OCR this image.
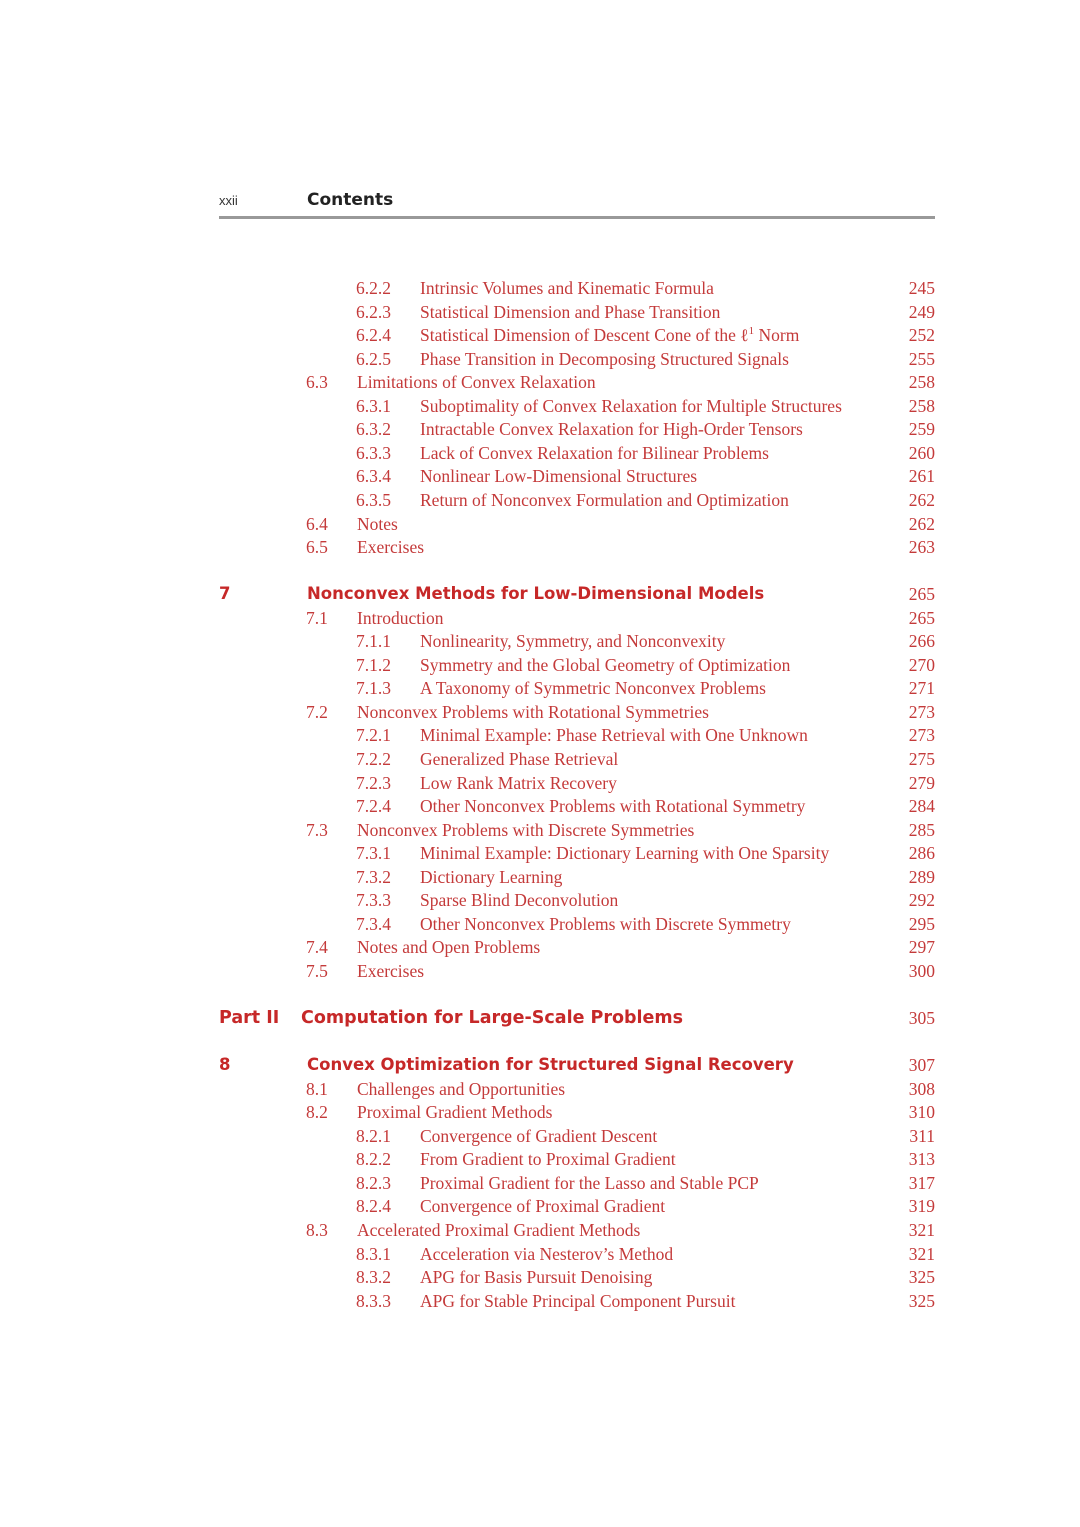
xxii	Contents
6.2.2 Intrinsic Volumes and Kinematic Formula	245
6.2.3 Statistical Dimension and Phase Transition	249
6.2.4 Statistical Dimension of Descent Cone of the ℓ$^1$ Norm	252
6.2.5 Phase Transition in Decomposing Structured Signals	255
6.3 Limitations of Convex Relaxation	258
6.3.1 Suboptimality of Convex Relaxation for Multiple Structures	258
6.3.2 Intractable Convex Relaxation for High-Order Tensors	259
6.3.3 Lack of Convex Relaxation for Bilinear Problems	260
6.3.4 Nonlinear Low-Dimensional Structures	261
6.3.5 Return of Nonconvex Formulation and Optimization	262
6.4 Notes	262
6.5 Exercises	263
7	Nonconvex Methods for Low-Dimensional Models	265
7.1 Introduction	265
7.1.1 Nonlinearity, Symmetry, and Nonconvexity	266
7.1.2 Symmetry and the Global Geometry of Optimization	270
7.1.3 A Taxonomy of Symmetric Nonconvex Problems	271
7.2 Nonconvex Problems with Rotational Symmetries	273
7.2.1 Minimal Example: Phase Retrieval with One Unknown	273
7.2.2 Generalized Phase Retrieval	275
7.2.3 Low Rank Matrix Recovery	279
7.2.4 Other Nonconvex Problems with Rotational Symmetry	284
7.3 Nonconvex Problems with Discrete Symmetries	285
7.3.1 Minimal Example: Dictionary Learning with One Sparsity	286
7.3.2 Dictionary Learning	289
7.3.3 Sparse Blind Deconvolution	292
7.3.4 Other Nonconvex Problems with Discrete Symmetry	295
7.4 Notes and Open Problems	297
7.5 Exercises	300
Part II Computation for Large-Scale Problems	305
8	Convex Optimization for Structured Signal Recovery	307
8.1 Challenges and Opportunities	308
8.2 Proximal Gradient Methods	310
8.2.1 Convergence of Gradient Descent	311
8.2.2 From Gradient to Proximal Gradient	313
8.2.3 Proximal Gradient for the Lasso and Stable PCP	317
8.2.4 Convergence of Proximal Gradient	319
8.3 Accelerated Proximal Gradient Methods	321
8.3.1 Acceleration via Nesterov’s Method	321
8.3.2 APG for Basis Pursuit Denoising	325
8.3.3 APG for Stable Principal Component Pursuit	325
